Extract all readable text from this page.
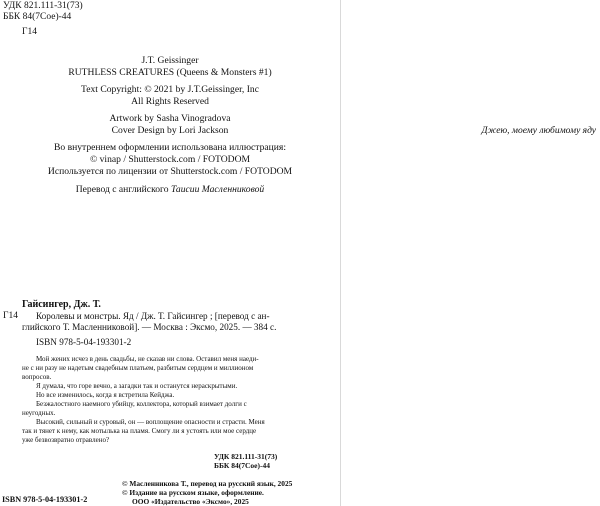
УДК 821.111-31(73)
ББК 84(7Сое)-44
Г14
J.T. Geissinger
RUTHLESS CREATURES (Queens & Monsters #1)
Text Copyright: © 2021 by J.T.Geissinger, Inc
All Rights Reserved
Artwork by Sasha Vinogradova
Cover Design by Lori Jackson
Во внутреннем оформлении использована иллюстрация:
© vinap / Shutterstock.com / FOTODOM
Используется по лицензии от Shutterstock.com / FOTODOM
Перевод с английского Таисии Масленниковой
Джею, моему любимому яду
Гайсингер, Дж. Т.
Г14 Королевы и монстры. Яд / Дж. Т. Гайсингер ; [перевод с ан-
глийского Т. Масленниковой]. — Москва : Эксмо, 2025. — 384 с.
ISBN 978-5-04-193301-2

Мой жених исчез в день свадьбы, не сказав ни слова. Оставил меня наеди-

не с ни разу не надетым свадебным платьем, разбитым сердцем и миллионом

вопросов.

Я думала, что горе вечно, а загадки так и останутся нераскрытыми.

Но все изменилось, когда я встретила Кейджа.

Безжалостного наемного убийцу, коллектора, который взимает долги с

неугодных.

Высокий, сильный и суровый, он — воплощение опасности и страсти. Меня

так и тянет к нему, как мотылька на пламя. Смогу ли я устоять или мое сердце

уже безвозвратно отравлено?

УДК 821.111-31(73)
ББК 84(7Сое)-44
© Масленникова Т., перевод на русский язык, 2025
© Издание на русском языке, оформление.
ООО «Издательство «Эксмо», 2025
ISBN 978-5-04-193301-2
